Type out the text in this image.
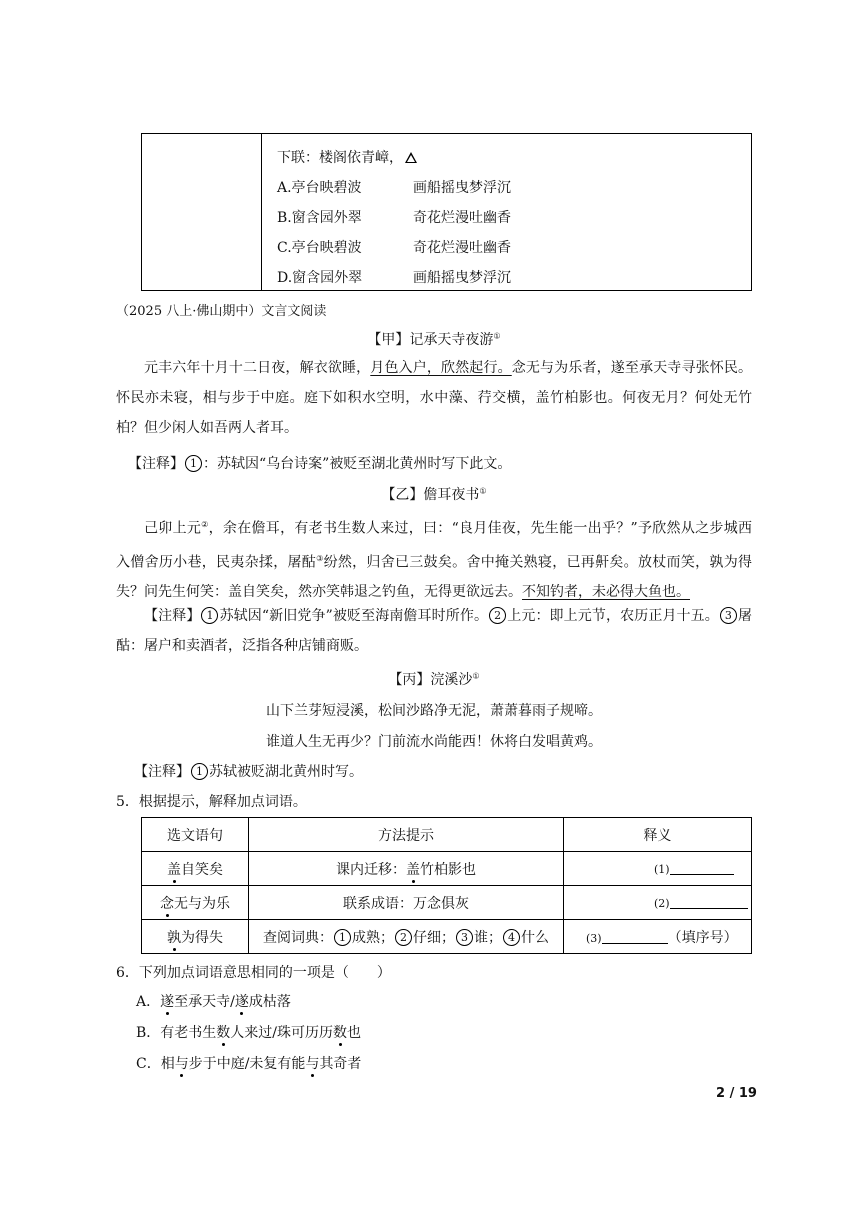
下联：楼阁依青嶂，
A.亭台映碧波	画船摇曳梦浮沉
B.窗含园外翠	奇花烂漫吐幽香
C.亭台映碧波	奇花烂漫吐幽香
D.窗含园外翠	画船摇曳梦浮沉
（2025 八上·佛山期中）文言文阅读
【甲】记承天寺夜游①
元丰六年十月十二日夜，解衣欲睡，月色入户，欣然起行。念无与为乐者，遂至承天寺寻张怀民。怀民亦未寝，相与步于中庭。庭下如积水空明，水中藻、荇交横，盖竹柏影也。何夜无月？何处无竹柏？但少闲人如吾两人者耳。
【注释】 1 ：苏轼因“乌台诗案”被贬至湖北黄州时写下此文。
【乙】儋耳夜书①
己卯上元②，余在儋耳，有老书生数人来过，曰：“良月佳夜，先生能一出乎？”予欣然从之步城西入僧舍历小巷，民夷杂揉，屠酤③纷然，归舍已三鼓矣。舍中掩关熟寝，已再鼾矣。放杖而笑，孰为得失？问先生何笑：盖自笑矣，然亦笑韩退之钓鱼，无得更欲远去。不知钓者，未必得大鱼也。
【注释】 1 苏轼因“新旧党争”被贬至海南儋耳时所作。 2 上元：即上元节，农历正月十五。 3 屠酤：屠户和卖酒者，泛指各种店铺商贩。
【丙】浣溪沙①
山下兰芽短浸溪，松间沙路净无泥，萧萧暮雨子规啼。
谁道人生无再少？门前流水尚能西！休将白发唱黄鸡。
【注释】 1 苏轼被贬湖北黄州时写。
5．根据提示，解释加点词语。
选文语句	方法提示	释义
盖自笑矣	课内迁移：盖竹柏影也	(1)
念无与为乐	联系成语：万念俱灰	(2)
孰为得失	查阅词典： 1 成熟； 2 仔细； 3 谁； 4 什么	(3) （填序号）
6．下列加点词语意思相同的一项是（　　）
A．遂至承天寺/遂成枯落
B．有老书生数人来过/珠可历历数也
C．相与步于中庭/未复有能与其奇者
2 / 19
